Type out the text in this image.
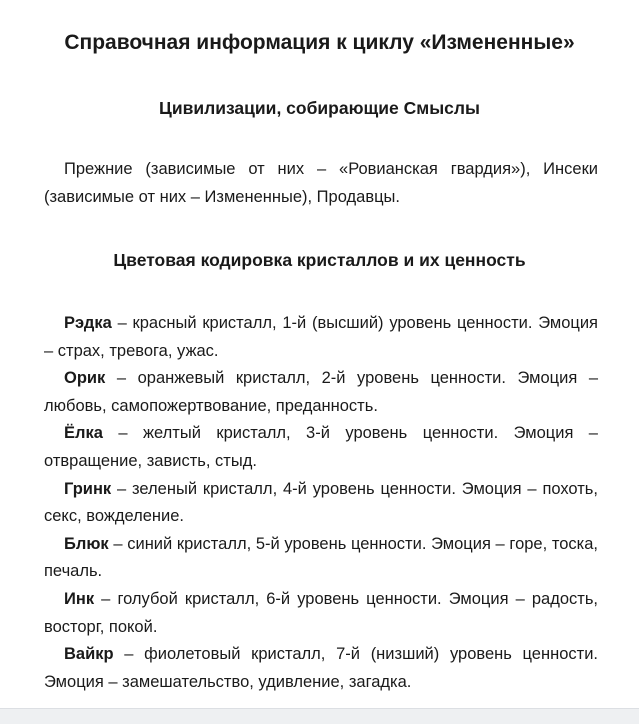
Справочная информация к циклу «Измененные»
Цивилизации, собирающие Смыслы
Прежние (зависимые от них – «Ровианская гвардия»), Инсеки (зависимые от них – Измененные), Продавцы.
Цветовая кодировка кристаллов и их ценность

Рэдка – красный кристалл, 1-й (высший) уровень ценности. Эмоция – страх, тревога, ужас.

Орик – оранжевый кристалл, 2-й уровень ценности. Эмоция – любовь, самопожертвование, преданность.

Ёлка – желтый кристалл, 3-й уровень ценности. Эмоция – отвращение, зависть, стыд.

Гринк – зеленый кристалл, 4-й уровень ценности. Эмоция – похоть, секс, вожделение.

Блюк – синий кристалл, 5-й уровень ценности. Эмоция – горе, тоска, печаль.

Инк – голубой кристалл, 6-й уровень ценности. Эмоция – радость, восторг, покой.

Вайкр – фиолетовый кристалл, 7-й (низший) уровень ценности. Эмоция – замешательство, удивление, загадка.
